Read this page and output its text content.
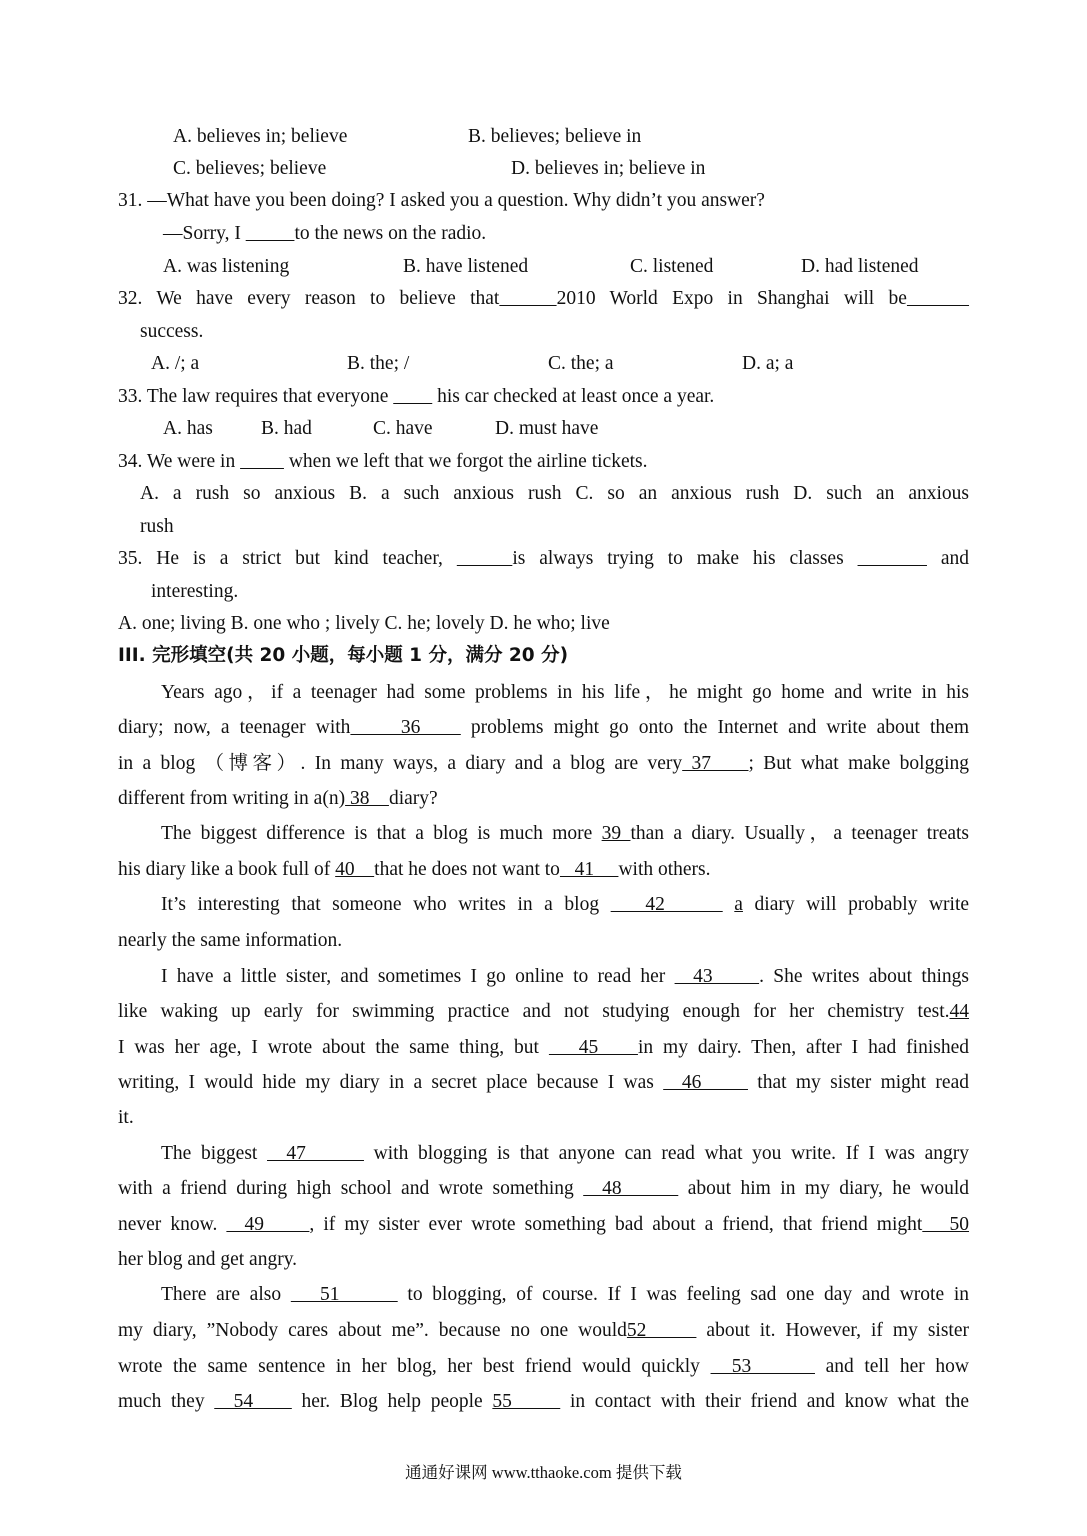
A. believes in; believe	B. believes; believe in
C. believes; believe	D. believes in; believe in
31. —What have you been doing? I asked you a question. Why didn’t you answer?
—Sorry, I	to the news on the radio.
A. was listening	B. have listened	C. listened	D. had listened
32. We have every reason to believe that	2010 World Expo in Shanghai will be
success.
A. /; a	B. the; /	C. the; a	D. a; a
33. The law requires that everyone          his car checked at least once a year.
A. has B. had	C. have	D. must have
34. We were in           when we left that we forgot the airline tickets.
A. a rush so anxious B. a such anxious rush C. so an anxious rush D. such an anxious
rush
35. He is a strict but kind teacher,	is always trying to make his classes	and
interesting.
A. one; living B. one who ; lively C. he; lovely D. he who; live
III. 完形填空(共 20 小题，每小题 1 分，满分 20 分)
Years ago，if a teenager had some problems in his life，he might go home and write in his
diary; now, a teenager with     36     problems might go onto the Internet and write about them
in a blog （博客）. In many ways, a diary and a blog are very 37    ; But what make bolgging
different from writing in a(n) 38    diary?
The biggest difference is that a blog is much more 39 than a diary. Usually，a teenager treats
his diary like a book full of 40    that he does not want to   41     with others.
It’s interesting that someone who writes in a blog    42      a diary will probably write
nearly the same information.
I have a little sister, and sometimes I go online to read her   43     . She writes about things
like waking up early for swimming practice and not studying enough for her chemistry test.44
I was her age, I wrote about the same thing, but    45    in my dairy. Then, after I had finished
writing, I would hide my diary in a secret place because I was   46      that my sister might read
it.
The biggest   47       with blogging is that anyone can read what you write. If I was angry
with a friend during high school and wrote something   48       about him in my diary, he would
never know.   49     , if my sister ever wrote something bad about a friend, that friend might   50
her blog and get angry.
There are also    51       to blogging, of course. If I was feeling sad one day and wrote in
my diary, ”Nobody cares about me”. because no one would52      about it. However, if my sister
wrote the same sentence in her blog, her best friend would quickly   53       and tell her how
much they   54     her. Blog help people 55      in contact with their friend and know what the
通通好课网 www.tthaoke.com 提供下载
